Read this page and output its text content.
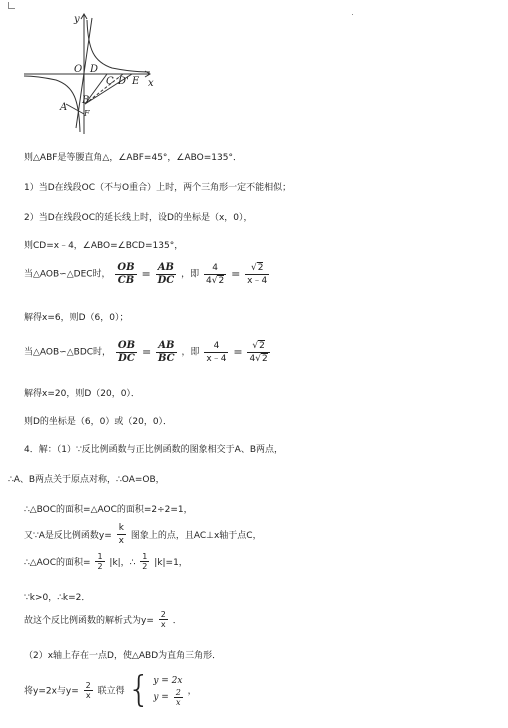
y
x
O D
C D' E
A
B
F
则△ABF是等腰直角△，∠ABF=45°，∠ABO=135°．
1）当D在线段OC（不与O重合）上时，两个三角形一定不能相似；
2）当D在线段OC的延长线上时，设D的坐标是（x，0），
则CD=x﹣4，∠ABO=∠BCD=135°，
当△AOB∽△DEC时， $\frac{OB}{CB} = \frac{AB}{DC}$ ，即 $\frac{4}{4√2} = \frac{√2}{x﹣4}$
解得x=6，则D（6，0）；
当△AOB∽△BDC时， $\frac{OB}{DC} = \frac{AB}{BC}$ ，即 $\frac{4}{x﹣4} = \frac{√2}{4√2}$
解得x=20，则D（20，0）．
则D的坐标是（6，0）或（20，0）．
4．解：（1）∵反比例函数与正比例函数的图象相交于A、B两点，
∴A、B两点关于原点对称，∴OA=OB，
∴△BOC的面积=△AOC的面积=2÷2=1，
又∵A是反比例函数$y= \frac{k}{x}$ 图象上的点，且AC⊥x轴于点C，
∴△AOC的面积= $\frac{1}{2} |k|$，∴ $\frac{1}{2} |k|=1$，
∵k>0，∴k=2．
故这个反比例函数的解析式为$y= \frac{2}{x}$ ．
（2）x轴上存在一点D，使△ABD为直角三角形．
将y=2x与$y= \frac{2}{x}$ 联立得 { y = 2x
$y = \frac{2}{x}$ ，
